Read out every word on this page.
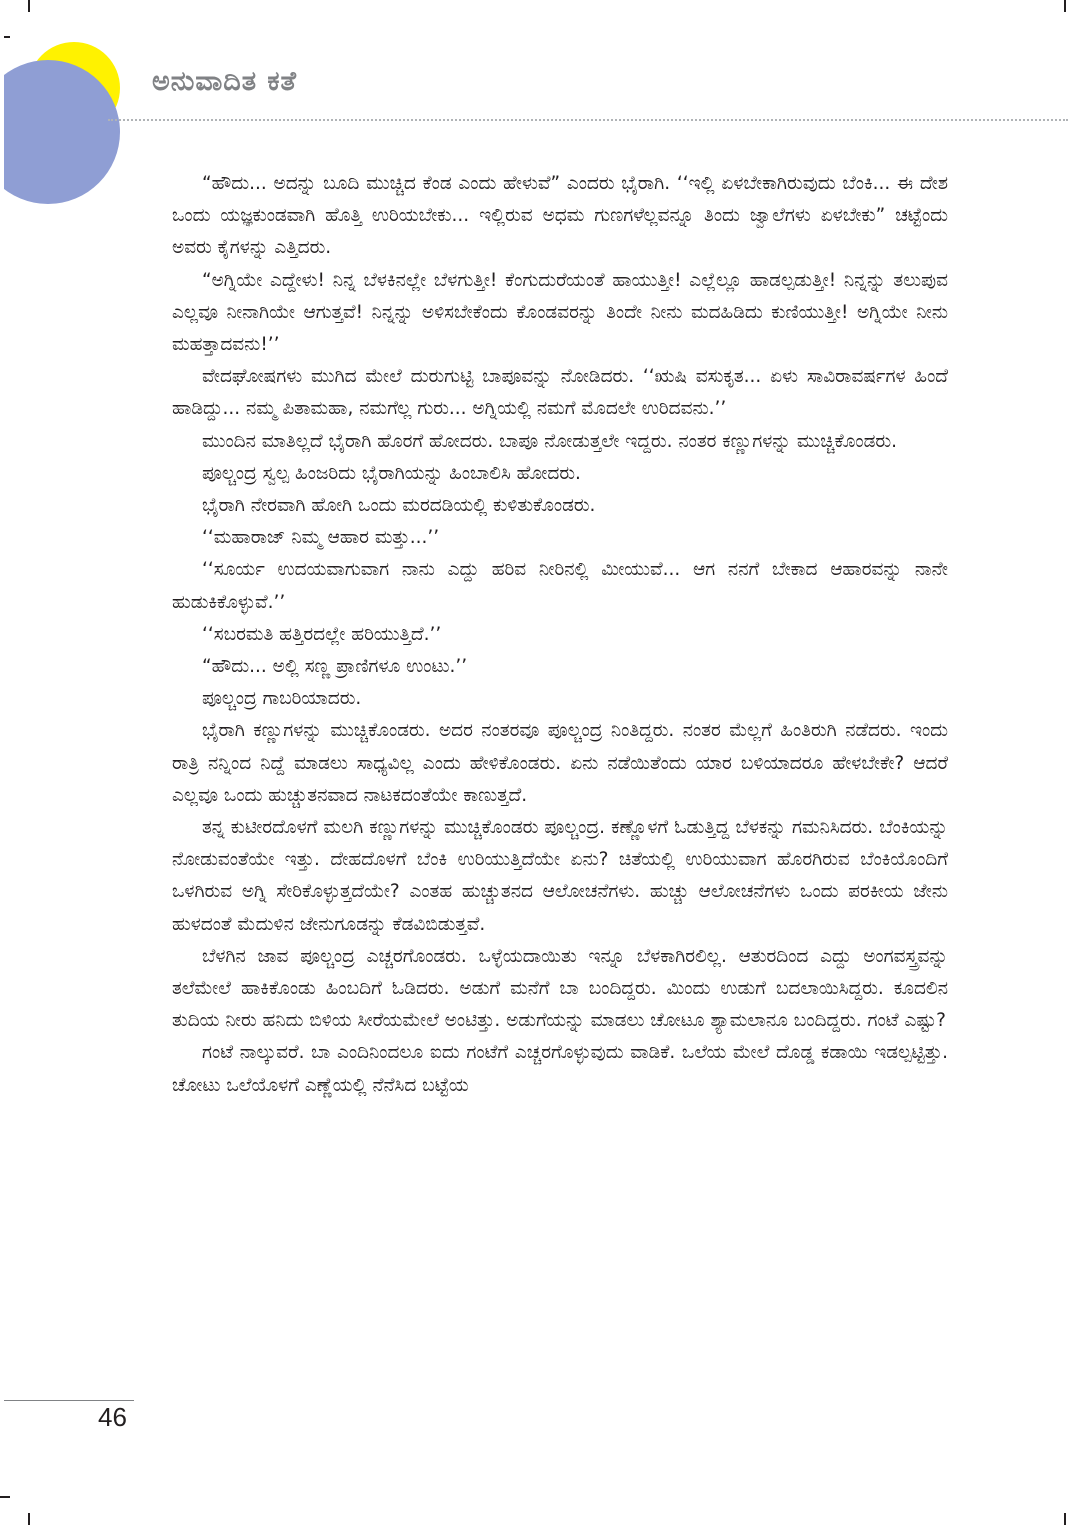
ಅನುವಾದಿತ ಕತೆ

“ಹೌದು... ಅದನ್ನು ಬೂದಿ ಮುಚ್ಚಿದ ಕೆಂಡ ಎಂದು ಹೇಳುವೆ” ಎಂದರು ಭೈರಾಗಿ. ‘‘ಇಲ್ಲಿ ಏಳಬೇಕಾಗಿರುವುದು ಬೆಂಕಿ... ಈ ದೇಶ ಒಂದು ಯಜ್ಞಕುಂಡವಾಗಿ ಹೊತ್ತಿ ಉರಿಯಬೇಕು... ಇಲ್ಲಿರುವ ಅಧಮ ಗುಣಗಳೆಲ್ಲವನ್ನೂ ತಿಂದು ಜ್ವಾಲೆಗಳು ಏಳಬೇಕು” ಚಟ್ಟೆಂದು ಅವರು ಕೈಗಳನ್ನು ಎತ್ತಿದರು.

“ಅಗ್ನಿಯೇ ಎದ್ದೇಳು! ನಿನ್ನ ಬೆಳಕಿನಲ್ಲೇ ಬೆಳಗುತ್ತೀ! ಕೆಂಗುದುರೆಯಂತೆ ಹಾಯುತ್ತೀ! ಎಲ್ಲೆಲ್ಲೂ ಹಾಡಲ್ಪಡುತ್ತೀ! ನಿನ್ನನ್ನು ತಲುಪುವ ಎಲ್ಲವೂ ನೀನಾಗಿಯೇ ಆಗುತ್ತವೆ! ನಿನ್ನನ್ನು ಅಳಿಸಬೇಕೆಂದು ಕೊಂಡವರನ್ನು ತಿಂದೇ ನೀನು ಮದಹಿಡಿದು ಕುಣಿಯುತ್ತೀ! ಅಗ್ನಿಯೇ ನೀನು ಮಹತ್ತಾದವನು!’’

ವೇದಘೋಷಗಳು ಮುಗಿದ ಮೇಲೆ ದುರುಗುಟ್ಟಿ ಬಾಪೂವನ್ನು ನೋಡಿದರು. ‘‘ಋಷಿ ವಸುಕೃತ... ಏಳು ಸಾವಿರಾವರ್ಷಗಳ ಹಿಂದೆ ಹಾಡಿದ್ದು... ನಮ್ಮ ಪಿತಾಮಹಾ, ನಮಗೆಲ್ಲ ಗುರು... ಅಗ್ನಿಯಲ್ಲಿ ನಮಗೆ ಮೊದಲೇ ಉರಿದವನು.’’

ಮುಂದಿನ ಮಾತಿಲ್ಲದೆ ಭೈರಾಗಿ ಹೊರಗೆ ಹೋದರು. ಬಾಪೂ ನೋಡುತ್ತಲೇ ಇದ್ದರು. ನಂತರ ಕಣ್ಣುಗಳನ್ನು ಮುಚ್ಚಿಕೊಂಡರು.

ಪೂಲ್ಚಂದ್ರ ಸ್ವಲ್ಪ ಹಿಂಜರಿದು ಭೈರಾಗಿಯನ್ನು ಹಿಂಬಾಲಿಸಿ ಹೋದರು.

ಭೈರಾಗಿ ನೇರವಾಗಿ ಹೋಗಿ ಒಂದು ಮರದಡಿಯಲ್ಲಿ ಕುಳಿತುಕೊಂಡರು.

‘‘ಮಹಾರಾಜ್ ನಿಮ್ಮ ಆಹಾರ ಮತ್ತು...’’

‘‘ಸೂರ್ಯ ಉದಯವಾಗುವಾಗ ನಾನು ಎದ್ದು ಹರಿವ ನೀರಿನಲ್ಲಿ ಮೀಯುವೆ... ಆಗ ನನಗೆ ಬೇಕಾದ ಆಹಾರವನ್ನು ನಾನೇ ಹುಡುಕಿಕೊಳ್ಳುವೆ.’’

‘‘ಸಬರಮತಿ ಹತ್ತಿರದಲ್ಲೇ ಹರಿಯುತ್ತಿದೆ.’’

“ಹೌದು... ಅಲ್ಲಿ ಸಣ್ಣ ಪ್ರಾಣಿಗಳೂ ಉಂಟು.’’

ಪೂಲ್ಚಂದ್ರ ಗಾಬರಿಯಾದರು.

ಭೈರಾಗಿ ಕಣ್ಣುಗಳನ್ನು ಮುಚ್ಚಿಕೊಂಡರು. ಅದರ ನಂತರವೂ ಪೂಲ್ಚಂದ್ರ ನಿಂತಿದ್ದರು. ನಂತರ ಮೆಲ್ಲಗೆ ಹಿಂತಿರುಗಿ ನಡೆದರು. ಇಂದು ರಾತ್ರಿ ನನ್ನಿಂದ ನಿದ್ದೆ ಮಾಡಲು ಸಾಧ್ಯವಿಲ್ಲ ಎಂದು ಹೇಳಿಕೊಂಡರು. ಏನು ನಡೆಯಿತೆಂದು ಯಾರ ಬಳಿಯಾದರೂ ಹೇಳಬೇಕೇ? ಆದರೆ ಎಲ್ಲವೂ ಒಂದು ಹುಚ್ಚುತನವಾದ ನಾಟಕದಂತೆಯೇ ಕಾಣುತ್ತದೆ.

ತನ್ನ ಕುಟೀರದೊಳಗೆ ಮಲಗಿ ಕಣ್ಣುಗಳನ್ನು ಮುಚ್ಚಿಕೊಂಡರು ಪೂಲ್ಚಂದ್ರ. ಕಣ್ಣೊಳಗೆ ಓಡುತ್ತಿದ್ದ ಬೆಳಕನ್ನು ಗಮನಿಸಿದರು. ಬೆಂಕಿಯನ್ನು ನೋಡುವಂತೆಯೇ ಇತ್ತು. ದೇಹದೊಳಗೆ ಬೆಂಕಿ ಉರಿಯುತ್ತಿದೆಯೇ ಏನು? ಚಿತೆಯಲ್ಲಿ ಉರಿಯುವಾಗ ಹೊರಗಿರುವ ಬೆಂಕಿಯೊಂದಿಗೆ ಒಳಗಿರುವ ಅಗ್ನಿ ಸೇರಿಕೊಳ್ಳುತ್ತದೆಯೇ? ಎಂತಹ ಹುಚ್ಚುತನದ ಆಲೋಚನೆಗಳು. ಹುಚ್ಚು ಆಲೋಚನೆಗಳು ಒಂದು ಪರಕೀಯ ಜೇನು ಹುಳದಂತೆ ಮೆದುಳಿನ ಜೇನುಗೂಡನ್ನು ಕೆಡವಿಬಿಡುತ್ತವೆ.

ಬೆಳಗಿನ ಜಾವ ಪೂಲ್ಚಂದ್ರ ಎಚ್ಚರಗೊಂಡರು. ಒಳ್ಳೆಯದಾಯಿತು ಇನ್ನೂ ಬೆಳಕಾಗಿರಲಿಲ್ಲ. ಆತುರದಿಂದ ಎದ್ದು ಅಂಗವಸ್ತ್ರವನ್ನು ತಲೆಮೇಲೆ ಹಾಕಿಕೊಂಡು ಹಿಂಬದಿಗೆ ಓಡಿದರು. ಅಡುಗೆ ಮನೆಗೆ ಬಾ ಬಂದಿದ್ದರು. ಮಿಂದು ಉಡುಗೆ ಬದಲಾಯಿಸಿದ್ದರು. ಕೂದಲಿನ ತುದಿಯ ನೀರು ಹನಿದು ಬಿಳಿಯ ಸೀರೆಯಮೇಲೆ ಅಂಟಿತ್ತು. ಅಡುಗೆಯನ್ನು ಮಾಡಲು ಚೋಟೂ ಶ್ಯಾಮಲಾನೂ ಬಂದಿದ್ದರು. ಗಂಟೆ ಎಷ್ಟು?

ಗಂಟೆ ನಾಲ್ಕುವರೆ. ಬಾ ಎಂದಿನಿಂದಲೂ ಐದು ಗಂಟೆಗೆ ಎಚ್ಚರಗೊಳ್ಳುವುದು ವಾಡಿಕೆ. ಒಲೆಯ ಮೇಲೆ ದೊಡ್ಡ ಕಡಾಯಿ ಇಡಲ್ಪಟ್ಟಿತ್ತು. ಚೋಟು ಒಲೆಯೊಳಗೆ ಎಣ್ಣೆಯಲ್ಲಿ ನೆನೆಸಿದ ಬಟ್ಟೆಯ

46
